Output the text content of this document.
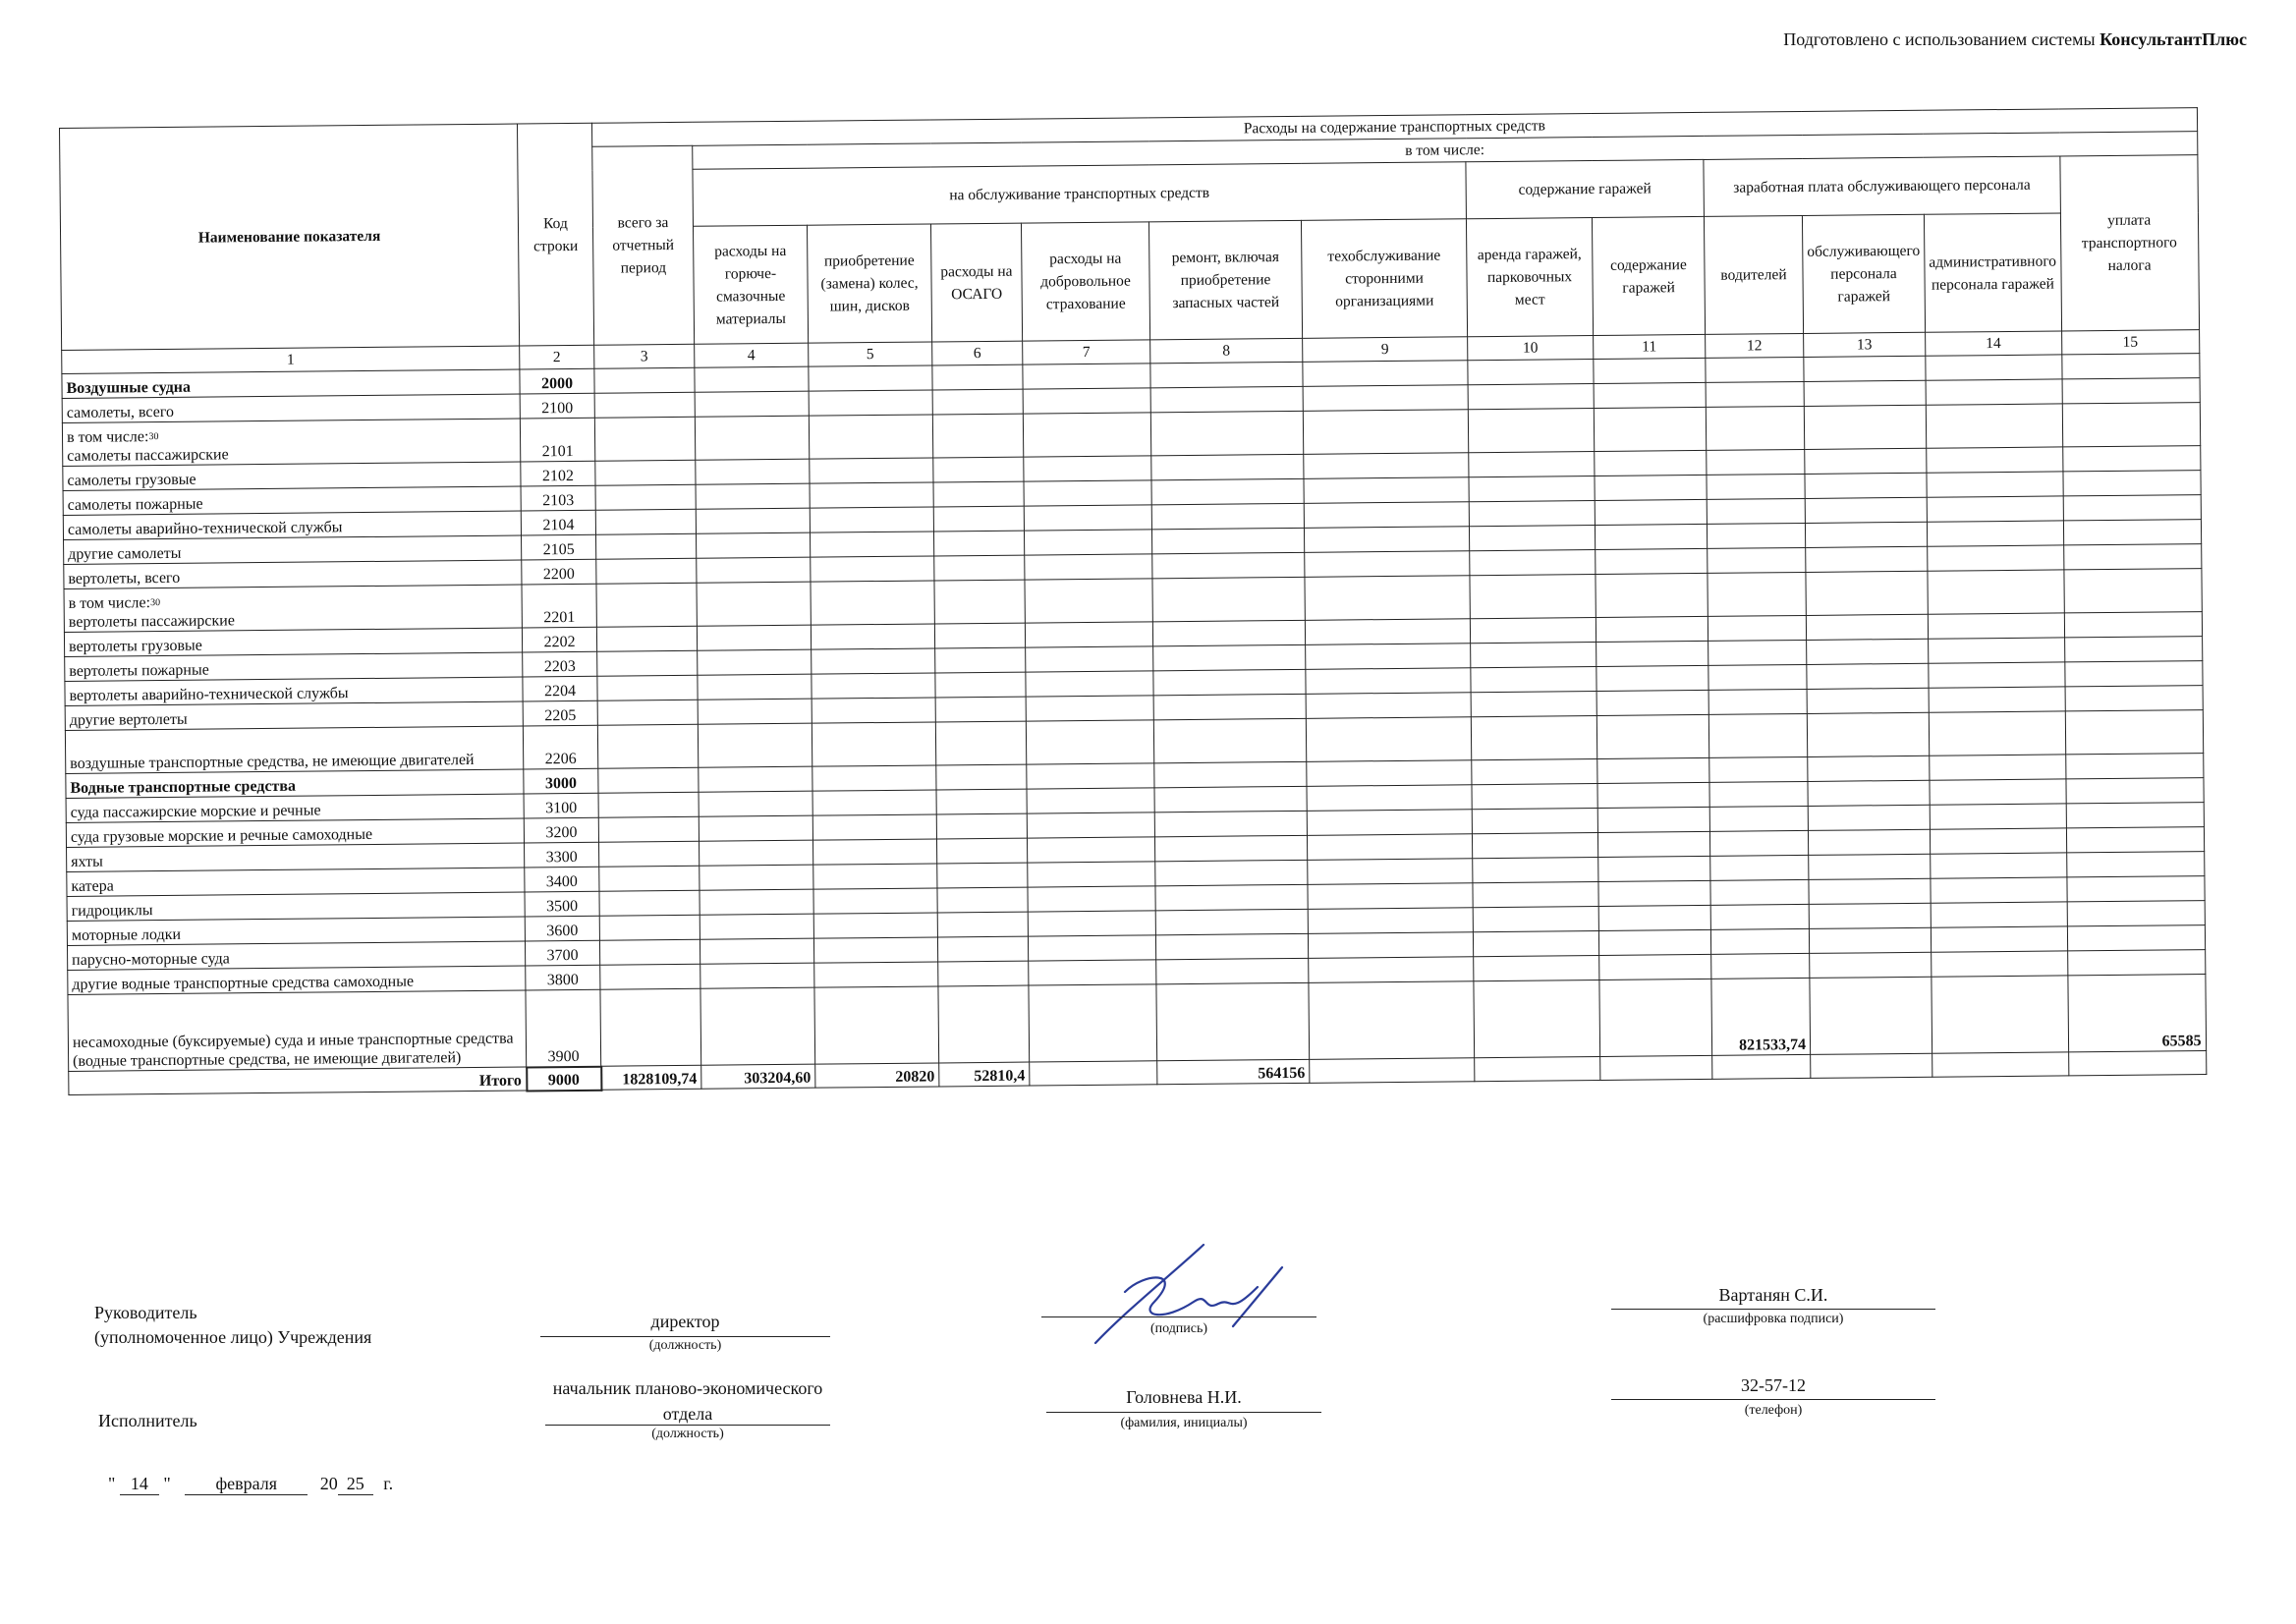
Подготовлено с использованием системы КонсультантПлюс
Наименование показателя	Код строки	Расходы на содержание транспортных средств												
		всего за отчетный период	в том числе:											
			на обслуживание транспортных средств						содержание гаражей		заработная плата обслуживающего персонала			уплата транспортного налога
			расходы на горюче-смазочные материалы	приобретение (замена) колес, шин, дисков	расходы на ОСАГО	расходы на добровольное страхование	ремонт, включая приобретение запасных частей	техобслуживание сторонними организациями	аренда гаражей, парковочных мест	содержание гаражей	водителей	обслуживающего персонала гаражей	административного персонала гаражей	
1	2	3	4	5	6	7	8	9	10	11	12	13	14	15

Воздушные судна	2000													

самолеты, всего	2100													

в том числе: 30
самолеты пассажирские	2101													

самолеты грузовые	2102													

самолеты пожарные	2103													

самолеты аварийно-технической службы	2104													

другие самолеты	2105													

вертолеты, всего	2200													

в том числе: 30
вертолеты пассажирские	2201													

вертолеты грузовые	2202													

вертолеты пожарные	2203													

вертолеты аварийно-технической службы	2204													

другие вертолеты	2205													

воздушные транспортные средства, не имеющие двигателей	2206													

Водные транспортные средства	3000													

суда пассажирские морские и речные	3100													

суда грузовые морские и речные самоходные	3200													

яхты	3300													

катера	3400													

гидроциклы	3500													

моторные лодки	3600													

парусно-моторные суда	3700													

другие водные транспортные средства самоходные	3800													

несамоходные (буксируемые) суда и иные транспортные средства (водные транспортные средства, не имеющие двигателей)	3900										821533,74			65585
Итого	9000	1828109,74	303204,60	20820	52810,4		564156							
Руководитель
(уполномоченное лицо) Учреждения
директор
(должность)
(подпись)
Вартанян С.И.
(расшифровка подписи)
Исполнитель
начальник планово-экономического отдела
(должность)
Головнева Н.И.
(фамилия, инициалы)
32-57-12
(телефон)
" 14 "	февраля 20 25 г.
